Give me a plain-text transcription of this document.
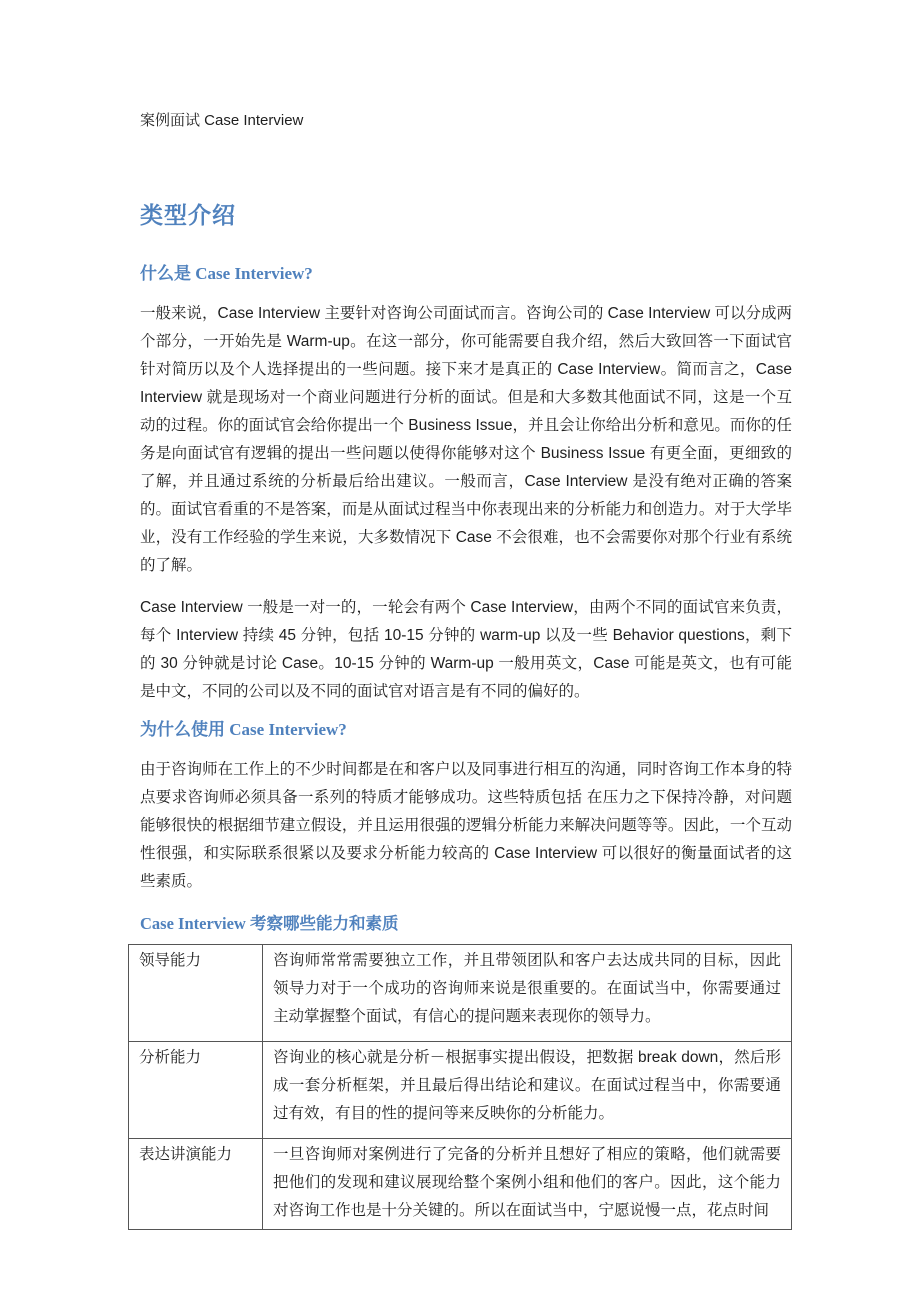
案例面试 Case Interview

类型介绍
什么是 Case Interview?

一般来说，Case Interview 主要针对咨询公司面试而言。咨询公司的 Case Interview 可以分成两个部分，一开始先是 Warm-up。在这一部分，你可能需要自我介绍，然后大致回答一下面试官针对简历以及个人选择提出的一些问题。接下来才是真正的 Case Interview。简而言之，Case Interview 就是现场对一个商业问题进行分析的面试。但是和大多数其他面试不同，这是一个互动的过程。你的面试官会给你提出一个 Business Issue，并且会让你给出分析和意见。而你的任务是向面试官有逻辑的提出一些问题以使得你能够对这个 Business Issue 有更全面，更细致的了解，并且通过系统的分析最后给出建议。一般而言，Case Interview 是没有绝对正确的答案的。面试官看重的不是答案，而是从面试过程当中你表现出来的分析能力和创造力。对于大学毕业，没有工作经验的学生来说，大多数情况下 Case 不会很难，也不会需要你对那个行业有系统的了解。

Case Interview 一般是一对一的，一轮会有两个 Case Interview，由两个不同的面试官来负责，每个 Interview 持续 45 分钟，包括 10-15 分钟的 warm-up 以及一些 Behavior questions，剩下的 30 分钟就是讨论 Case。10-15 分钟的 Warm-up 一般用英文，Case 可能是英文，也有可能是中文，不同的公司以及不同的面试官对语言是有不同的偏好的。

为什么使用 Case Interview?

由于咨询师在工作上的不少时间都是在和客户以及同事进行相互的沟通，同时咨询工作本身的特点要求咨询师必须具备一系列的特质才能够成功。这些特质包括 在压力之下保持冷静，对问题能够很快的根据细节建立假设，并且运用很强的逻辑分析能力来解决问题等等。因此，一个互动性很强，和实际联系很紧以及要求分析能力较高的 Case Interview 可以很好的衡量面试者的这些素质。

Case Interview 考察哪些能力和素质
领导能力	咨询师常常需要独立工作，并且带领团队和客户去达成共同的目标，因此领导力对于一个成功的咨询师来说是很重要的。在面试当中，你需要通过主动掌握整个面试，有信心的提问题来表现你的领导力。
分析能力	咨询业的核心就是分析－根据事实提出假设，把数据 break down，然后形成一套分析框架，并且最后得出结论和建议。在面试过程当中，你需要通过有效，有目的性的提问等来反映你的分析能力。
表达讲演能力	一旦咨询师对案例进行了完备的分析并且想好了相应的策略，他们就需要把他们的发现和建议展现给整个案例小组和他们的客户。因此，这个能力对咨询工作也是十分关键的。所以在面试当中，宁愿说慢一点，花点时间
